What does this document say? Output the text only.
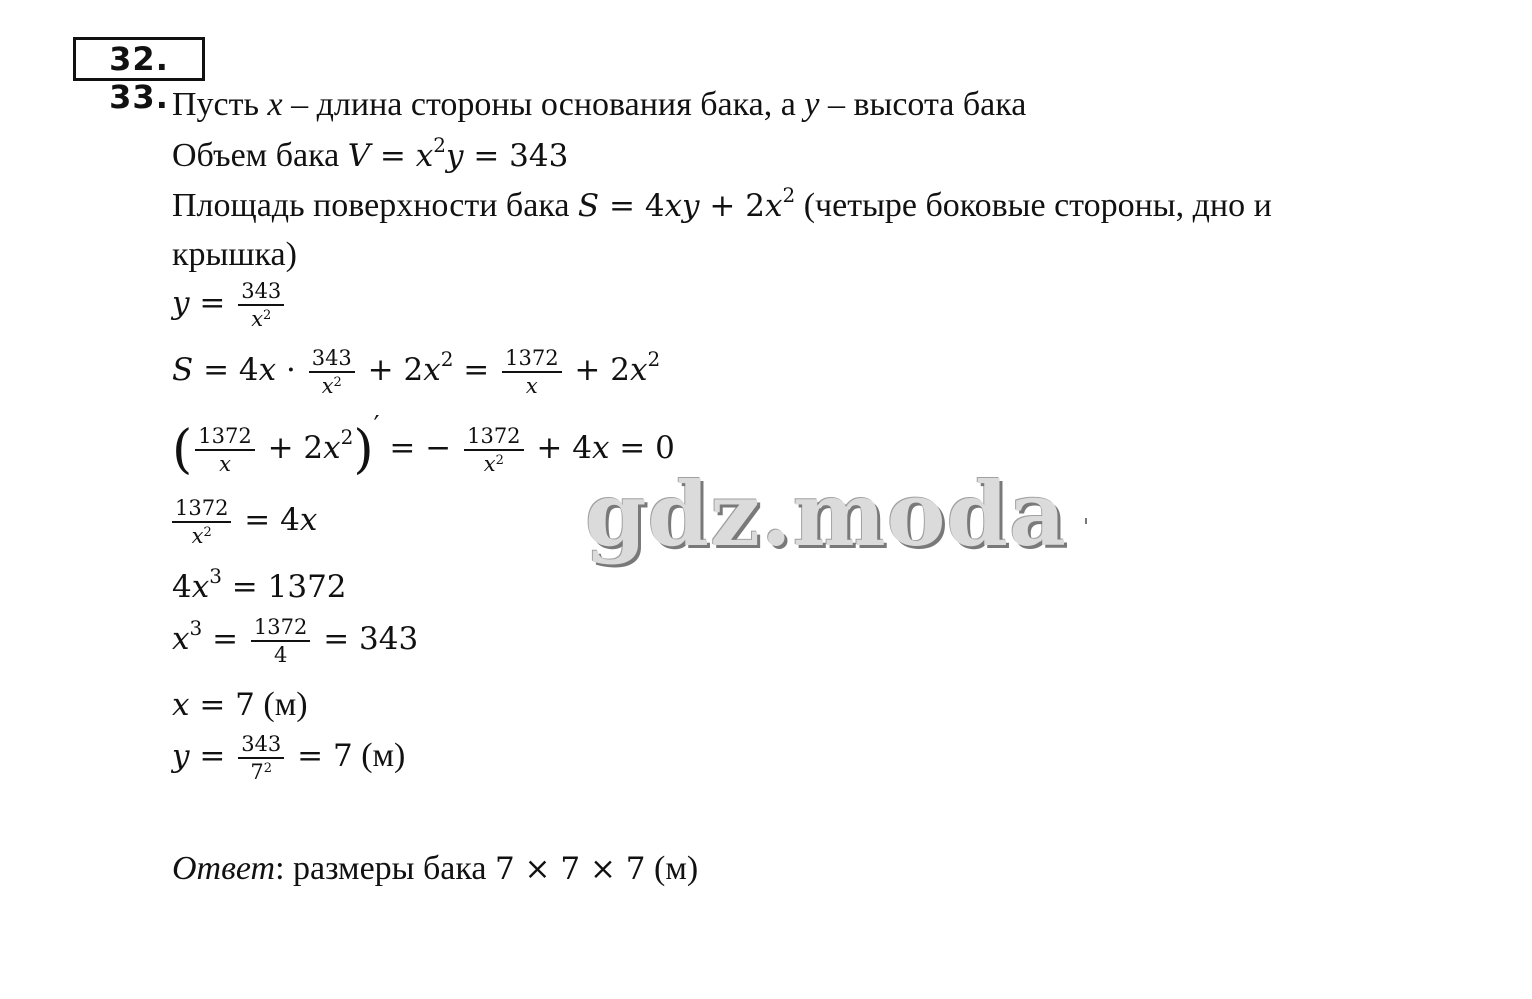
32. 33. Пусть x – длина стороны основания бака, а y – высота бака
Объем бака $V = x^2y = 343$
Площадь поверхности бака $S = 4xy + 2x^2$ (четыре боковые стороны, дно и
крышка)
$y = \frac{343}{x^2}$
$S = 4x \cdot \frac{343}{x^2} + 2x^2 = \frac{1372}{x} + 2x^2$
( $\frac{1372}{x} + 2x^2)'$ = − $\frac{1372}{x^2} + 4x = 0$
$\frac{1372}{x^2} = 4x$
$4x^3 = 1372$
$x^3 = \frac{1372}{4} = 343$
x = 7 (м)
$y = \frac{343}{7^2} = 7$ (м)
Ответ: размеры бака 7 × 7 × 7 (м)
gdz.moda
